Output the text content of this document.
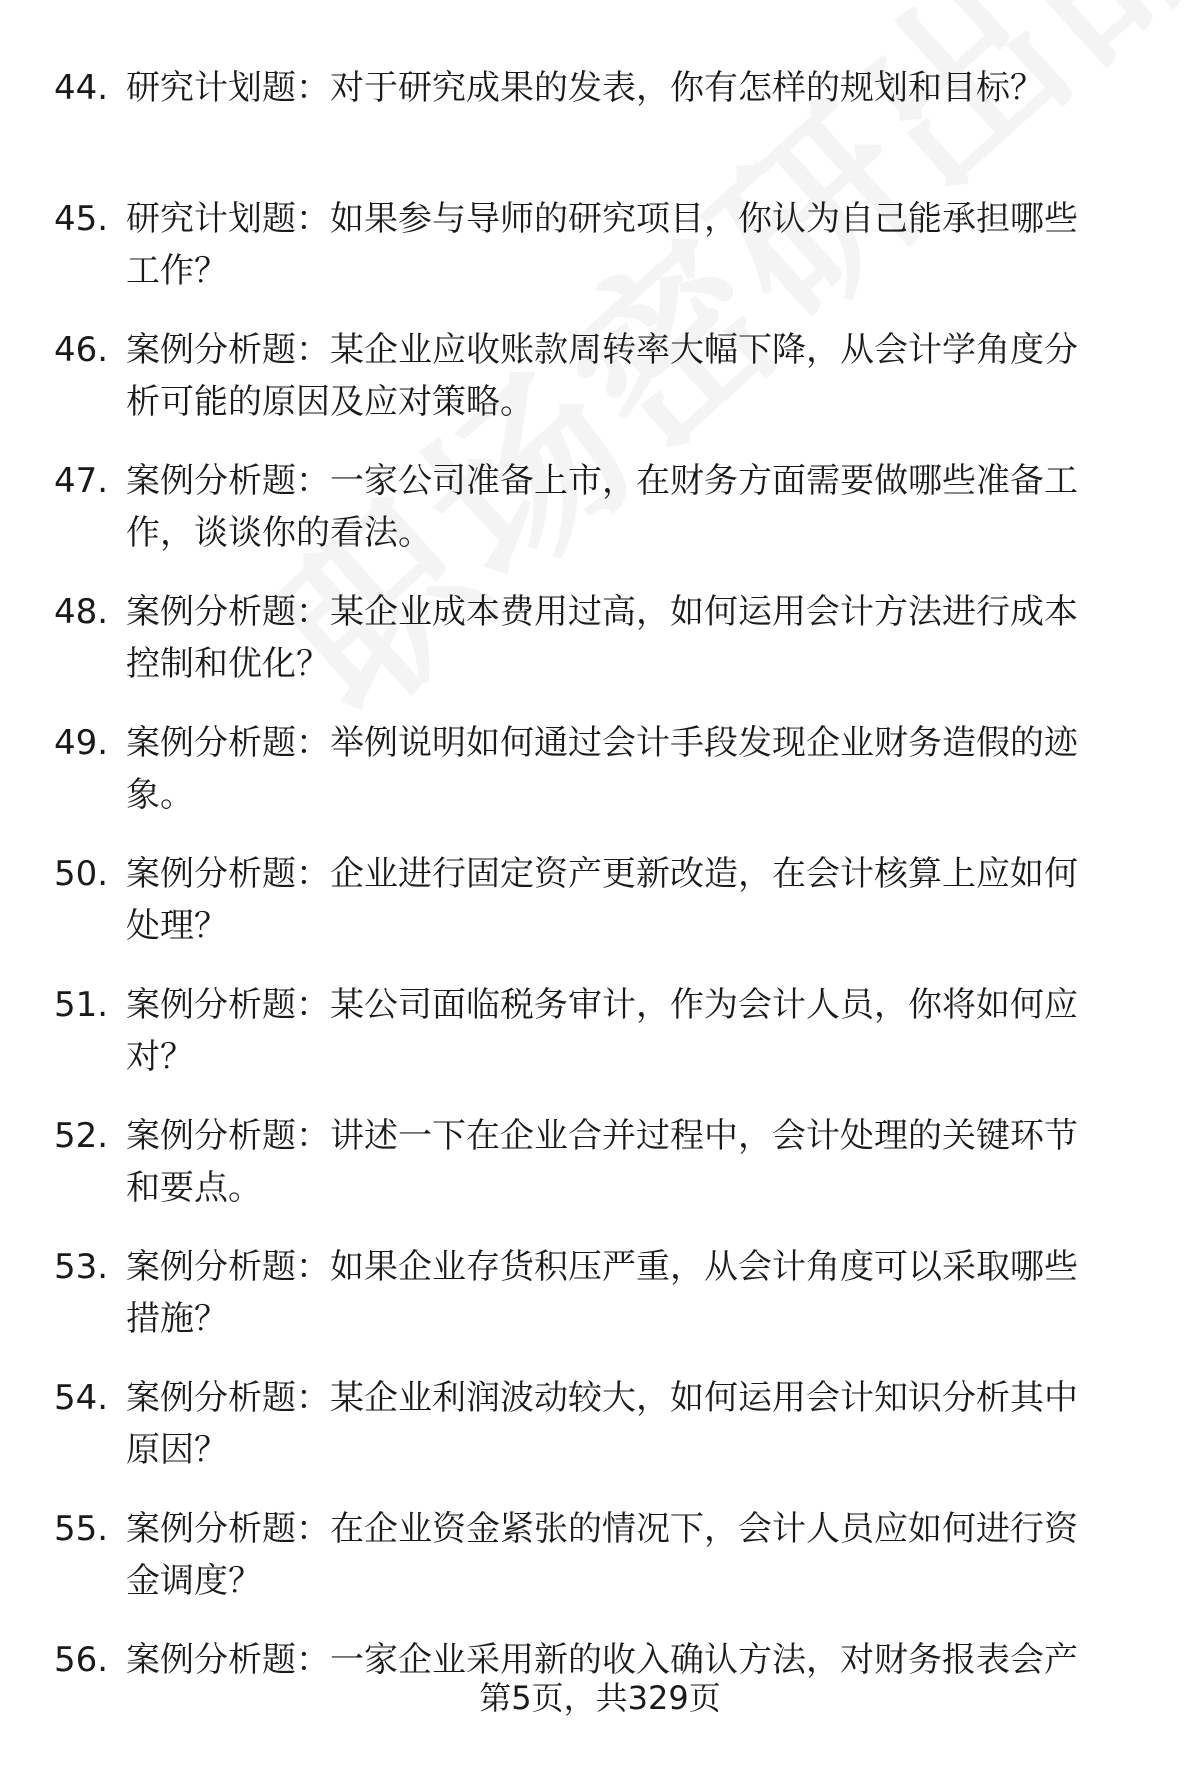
44. 研究计划题：对于研究成果的发表，你有怎样的规划和目标？
45. 研究计划题：如果参与导师的研究项目，你认为自己能承担哪些
工作？
46. 案例分析题：某企业应收账款周转率大幅下降，从会计学角度分
析可能的原因及应对策略。
47. 案例分析题：一家公司准备上市，在财务方面需要做哪些准备工
作，谈谈你的看法。
48. 案例分析题：某企业成本费用过高，如何运用会计方法进行成本
控制和优化？
49. 案例分析题：举例说明如何通过会计手段发现企业财务造假的迹
象。
50. 案例分析题：企业进行固定资产更新改造，在会计核算上应如何
处理？
51. 案例分析题：某公司面临税务审计，作为会计人员，你将如何应
对？
52. 案例分析题：讲述一下在企业合并过程中，会计处理的关键环节
和要点。
53. 案例分析题：如果企业存货积压严重，从会计角度可以采取哪些
措施？
54. 案例分析题：某企业利润波动较大，如何运用会计知识分析其中
原因？
55. 案例分析题：在企业资金紧张的情况下，会计人员应如何进行资
金调度？
56. 案例分析题：一家企业采用新的收入确认方法，对财务报表会产
第5页，共329页
